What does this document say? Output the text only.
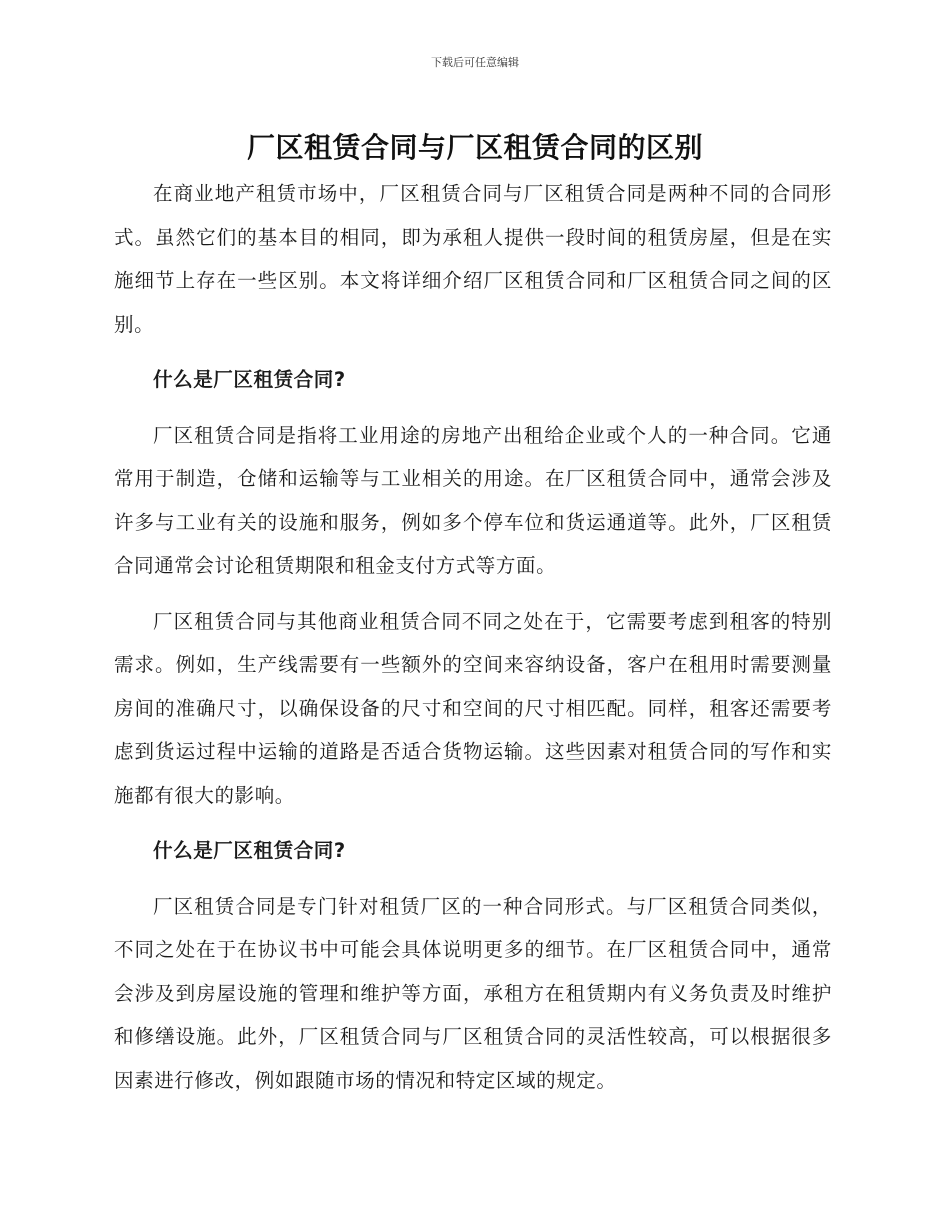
下载后可任意编辑
厂区租赁合同与厂区租赁合同的区别

在商业地产租赁市场中，厂区租赁合同与厂区租赁合同是两种不同的合同形式。虽然它们的基本目的相同，即为承租人提供一段时间的租赁房屋，但是在实施细节上存在一些区别。本文将详细介绍厂区租赁合同和厂区租赁合同之间的区别。

什么是厂区租赁合同?

厂区租赁合同是指将工业用途的房地产出租给企业或个人的一种合同。它通常用于制造，仓储和运输等与工业相关的用途。在厂区租赁合同中，通常会涉及许多与工业有关的设施和服务，例如多个停车位和货运通道等。此外，厂区租赁合同通常会讨论租赁期限和租金支付方式等方面。

厂区租赁合同与其他商业租赁合同不同之处在于，它需要考虑到租客的特别需求。例如，生产线需要有一些额外的空间来容纳设备，客户在租用时需要测量房间的准确尺寸，以确保设备的尺寸和空间的尺寸相匹配。同样，租客还需要考虑到货运过程中运输的道路是否适合货物运输。这些因素对租赁合同的写作和实施都有很大的影响。

什么是厂区租赁合同?

厂区租赁合同是专门针对租赁厂区的一种合同形式。与厂区租赁合同类似，不同之处在于在协议书中可能会具体说明更多的细节。在厂区租赁合同中，通常会涉及到房屋设施的管理和维护等方面，承租方在租赁期内有义务负责及时维护和修缮设施。此外，厂区租赁合同与厂区租赁合同的灵活性较高，可以根据很多因素进行修改，例如跟随市场的情况和特定区域的规定。
